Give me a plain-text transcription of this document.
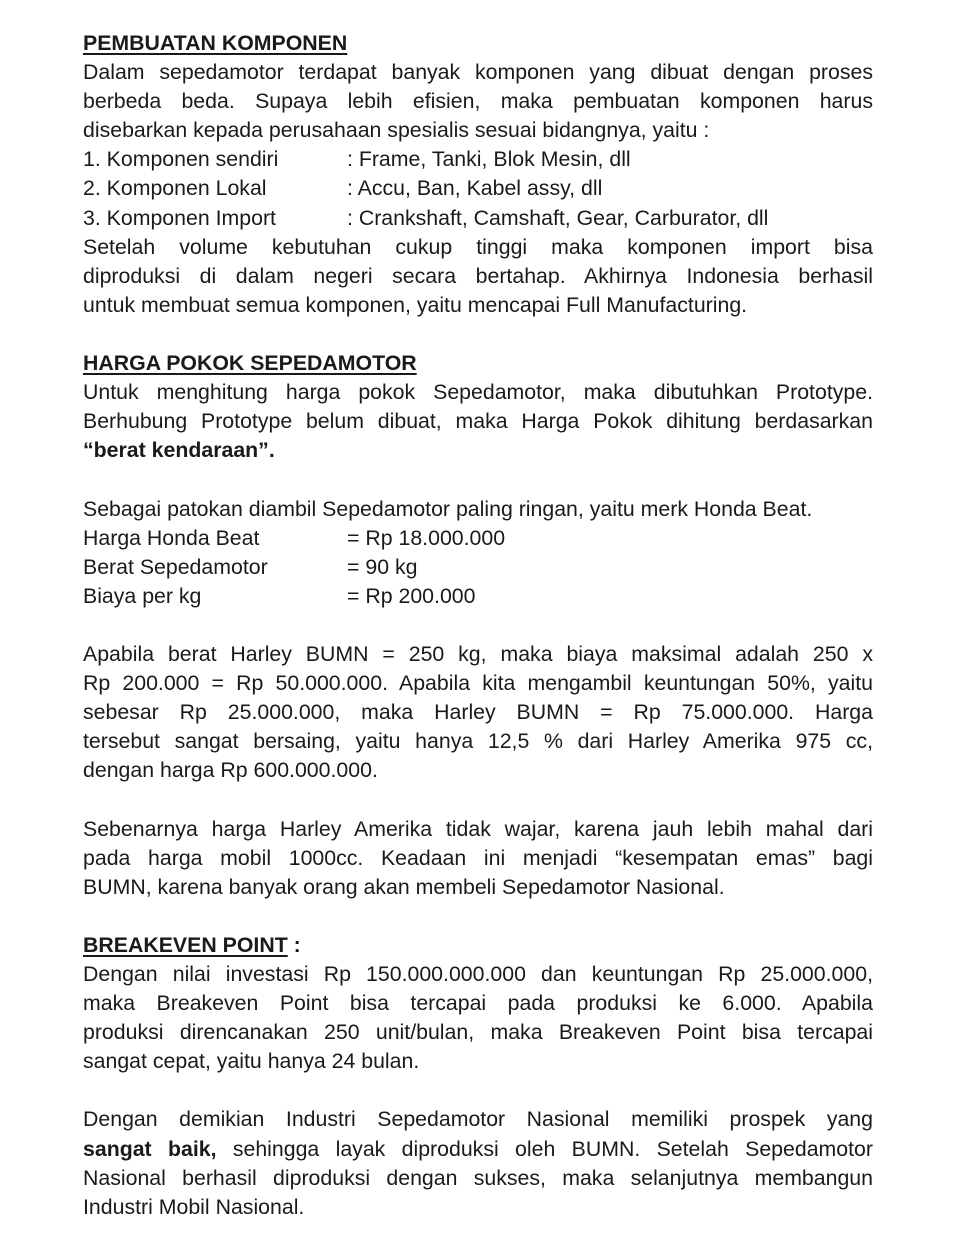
PEMBUATAN KOMPONEN
Dalam sepedamotor terdapat banyak komponen yang dibuat dengan proses
berbeda beda. Supaya lebih efisien, maka pembuatan komponen harus
disebarkan kepada perusahaan spesialis sesuai bidangnya, yaitu :
1. Komponen sendiri	: Frame, Tanki, Blok Mesin, dll
2. Komponen Lokal	: Accu, Ban, Kabel assy, dll
3. Komponen Import	: Crankshaft, Camshaft, Gear, Carburator, dll
Setelah volume kebutuhan cukup tinggi maka komponen import bisa
diproduksi di dalam negeri secara bertahap. Akhirnya Indonesia berhasil
untuk membuat semua komponen, yaitu mencapai Full Manufacturing.
HARGA POKOK SEPEDAMOTOR
Untuk menghitung harga pokok Sepedamotor, maka dibutuhkan Prototype.
Berhubung Prototype belum dibuat, maka Harga Pokok dihitung berdasarkan
“berat kendaraan”.
Sebagai patokan diambil Sepedamotor paling ringan, yaitu merk Honda Beat.
Harga Honda Beat	= Rp 18.000.000
Berat Sepedamotor	= 90 kg
Biaya per kg	= Rp 200.000
Apabila berat Harley BUMN = 250 kg, maka biaya maksimal adalah 250 x
Rp 200.000 = Rp 50.000.000. Apabila kita mengambil keuntungan 50%, yaitu
sebesar Rp 25.000.000, maka Harley BUMN = Rp 75.000.000. Harga
tersebut sangat bersaing, yaitu hanya 12,5 % dari Harley Amerika 975 cc,
dengan harga Rp 600.000.000.
Sebenarnya harga Harley Amerika tidak wajar, karena jauh lebih mahal dari
pada harga mobil 1000cc. Keadaan ini menjadi “kesempatan emas” bagi
BUMN, karena banyak orang akan membeli Sepedamotor Nasional.
BREAKEVEN POINT :
Dengan nilai investasi Rp 150.000.000.000 dan keuntungan Rp 25.000.000,
maka Breakeven Point bisa tercapai pada produksi ke 6.000. Apabila
produksi direncanakan 250 unit/bulan, maka Breakeven Point bisa tercapai
sangat cepat, yaitu hanya 24 bulan.
Dengan demikian Industri Sepedamotor Nasional memiliki prospek yang
sangat baik, sehingga layak diproduksi oleh BUMN. Setelah Sepedamotor
Nasional berhasil diproduksi dengan sukses, maka selanjutnya membangun
Industri Mobil Nasional.
